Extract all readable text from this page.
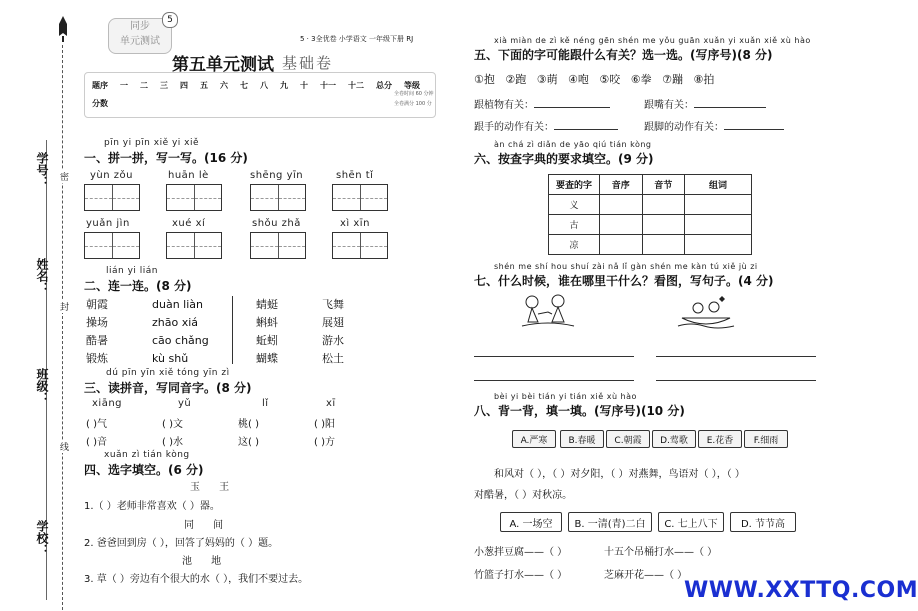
学号：
姓名：
班级：
学校：
密
封
线
同步
单元测试
5
5 · 3全优卷 小学语文 一年级下册 RJ
第五单元测试 基础卷
题序 一 二 三 四 五 六 七 八 九 十 十一 十二 总分 等级
分数
全卷时间 60 分钟
全卷满分 100 分
pīn yi pīn xiě yi xiě
一、拼一拼，写一写。(16 分)
yùn zǒu	huān lè	shēng yīn	shēn tǐ
yuǎn jìn	xué xí	shǒu zhǎ	xì xīn
lián yi lián
二、连一连。(8 分)
朝霞
操场
酷暑
锻炼
duàn liàn
zhāo xiá
cāo chǎng
kù shǔ
蜻蜓
蝌蚪
蚯蚓
蝴蝶
飞舞
展翅
游水
松土
dú pīn yīn xiě tóng yīn zì
三、读拼音，写同音字。(8 分)
xiāng	yǔ	lǐ	xī
( )气	( )文	桃( )	( )阳
( )音	( )水	这( )	( )方
xuǎn zì tián kòng
四、选字填空。(6 分)
玉      王
1.（ ）老师非常喜欢（ ）器。
同      间
2. 爸爸回到房（ ），回答了妈妈的（ ）题。
池      地
3. 草（ ）旁边有个很大的水（ ），我们不要过去。
xià miàn de zì kě néng gēn shén me yǒu guān xuǎn yi xuǎn xiě xù hào
五、下面的字可能跟什么有关？选一选。(写序号)(8 分)
①抱   ②跑   ③萌   ④咆   ⑤咬   ⑥拳   ⑦蹦   ⑧拍
跟植物有关：	跟嘴有关：
跟手的动作有关：	跟脚的动作有关：
àn chá zì diǎn de yāo qiú tián kòng
六、按查字典的要求填空。(9 分)
要查的字	音序	音节	组词
义			
古			
凉			
shén me shí hou shuí zài nǎ lǐ gàn shén me kàn tú xiě jù zi
七、什么时候，谁在哪里干什么？看图，写句子。(4 分)
bèi yi bèi tián yi tián xiě xù hào
八、背一背，填一填。(写序号)(10 分)
A.严寒	B.春暖	C.朝霞	D.莺歌	E.花香	F.细雨
和风对（ ），（ ）对夕阳，（ ）对燕舞，鸟语对（ ），（ ）
对酷暑，（ ）对秋凉。
A. 一场空	B. 一清(青)二白	C. 七上八下	D. 节节高
小葱拌豆腐——（ ）	十五个吊桶打水——（ ）
竹篮子打水——（ ）	芝麻开花——（ ）
WWW.XXTTQ.COM
